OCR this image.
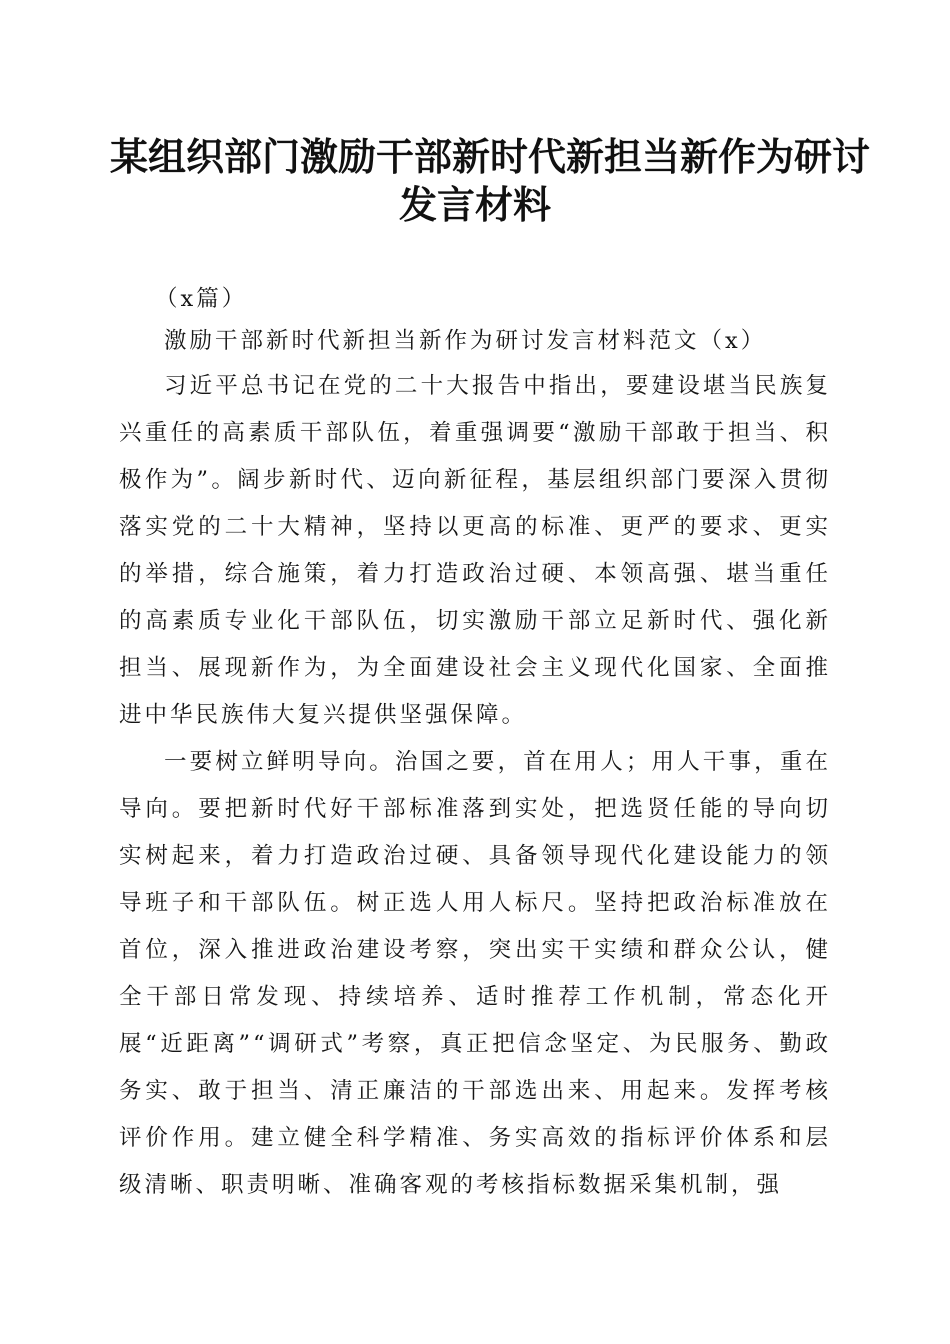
某组织部门激励干部新时代新担当新作为研讨
发言材料

（x篇）

激励干部新时代新担当新作为研讨发言材料范文（x）

习近平总书记在党的二十大报告中指出，要建设堪当民族复兴重任的高素质干部队伍，着重强调要“激励干部敢于担当、积极作为”。阔步新时代、迈向新征程，基层组织部门要深入贯彻落实党的二十大精神，坚持以更高的标准、更严的要求、更实的举措，综合施策，着力打造政治过硬、本领高强、堪当重任的高素质专业化干部队伍，切实激励干部立足新时代、强化新担当、展现新作为，为全面建设社会主义现代化国家、全面推进中华民族伟大复兴提供坚强保障。

一要树立鲜明导向。治国之要，首在用人；用人干事，重在导向。要把新时代好干部标准落到实处，把选贤任能的导向切实树起来，着力打造政治过硬、具备领导现代化建设能力的领导班子和干部队伍。树正选人用人标尺。坚持把政治标准放在首位，深入推进政治建设考察，突出实干实绩和群众公认，健全干部日常发现、持续培养、适时推荐工作机制，常态化开展“近距离”“调研式”考察，真正把信念坚定、为民服务、勤政务实、敢于担当、清正廉洁的干部选出来、用起来。发挥考核评价作用。建立健全科学精准、务实高效的指标评价体系和层级清晰、职责明晰、准确客观的考核指标数据采集机制，强
